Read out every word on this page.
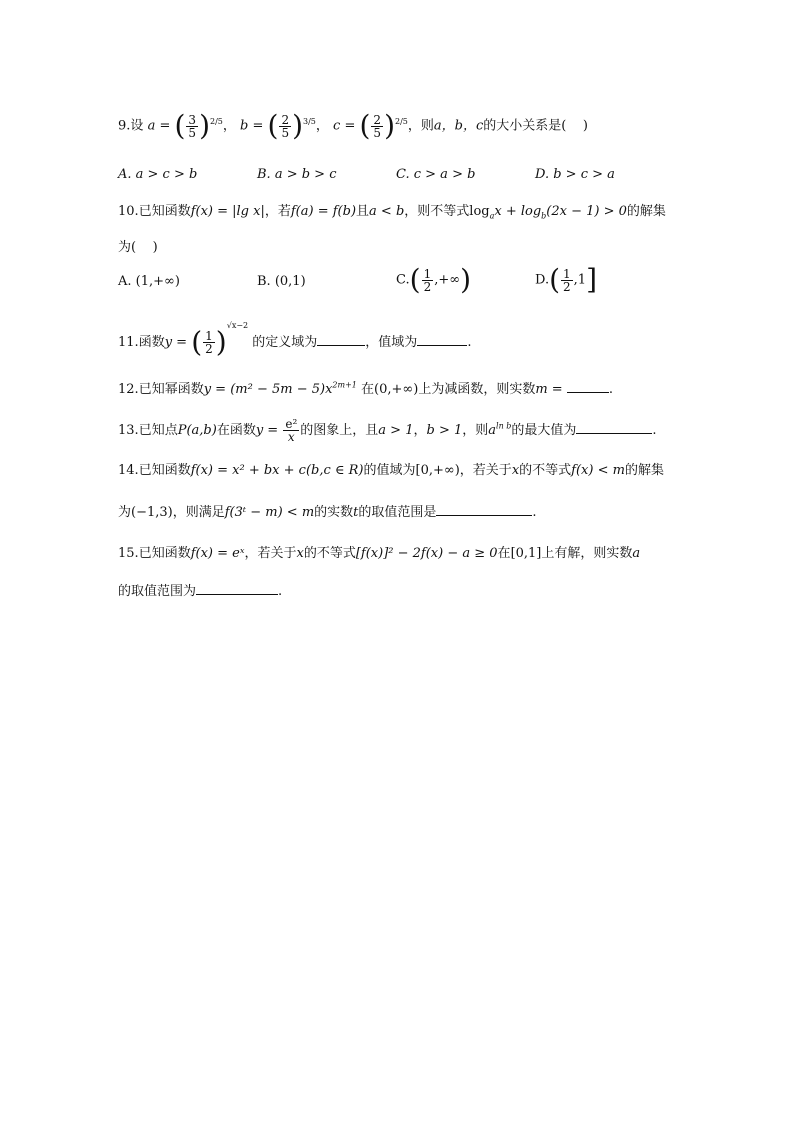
9.设 a = ( $\frac{3}{5} )^{2/5}$， b = ( $\frac{2}{5} )^{3/5}$， c = ( $\frac{2}{5} )^{2/5}$，则a，b，c的大小关系是( )
A. a > c > b	B. a > b > c	C. c > a > b	D. b > c > a
10.已知函数f(x) = |lg x|，若f(a) = f(b)且a < b，则不等式$\log_ax + \log_b(2x - 1) > 0$的解集
为( )
A. (1,+∞)	B. (0,1)	$C.( \frac{1}{2}$ ,+∞)	$D.( \frac{1}{2} ,1]$
11.函数y = ( $\frac{1}{2} )^{√x-2}$ 的定义域为	，值域为	.
12.已知幂函数$y = (m^2 - 5m - 5)x^{2m+1}$ 在(0,+∞)上为减函数，则实数m =	.
13.已知点P(a,b)在函数$y = \frac{\text{e²}}{x}$ 的图象上，且a > 1，b > 1，则$a^{ln b}$的最大值为	.
14.已知函数f(x) = x² + bx + c(b,c ∈ R)的值域为[0,+∞)，若关于x的不等式f(x) < m的解集
为(−1,3)，则满足f(3ᵗ − m) < m的实数t的取值范围是	.
15.已知函数f(x) = eˣ，若关于x的不等式[f(x)]² − 2f(x) − a ≥ 0在[0,1]上有解，则实数a
的取值范围为	.
